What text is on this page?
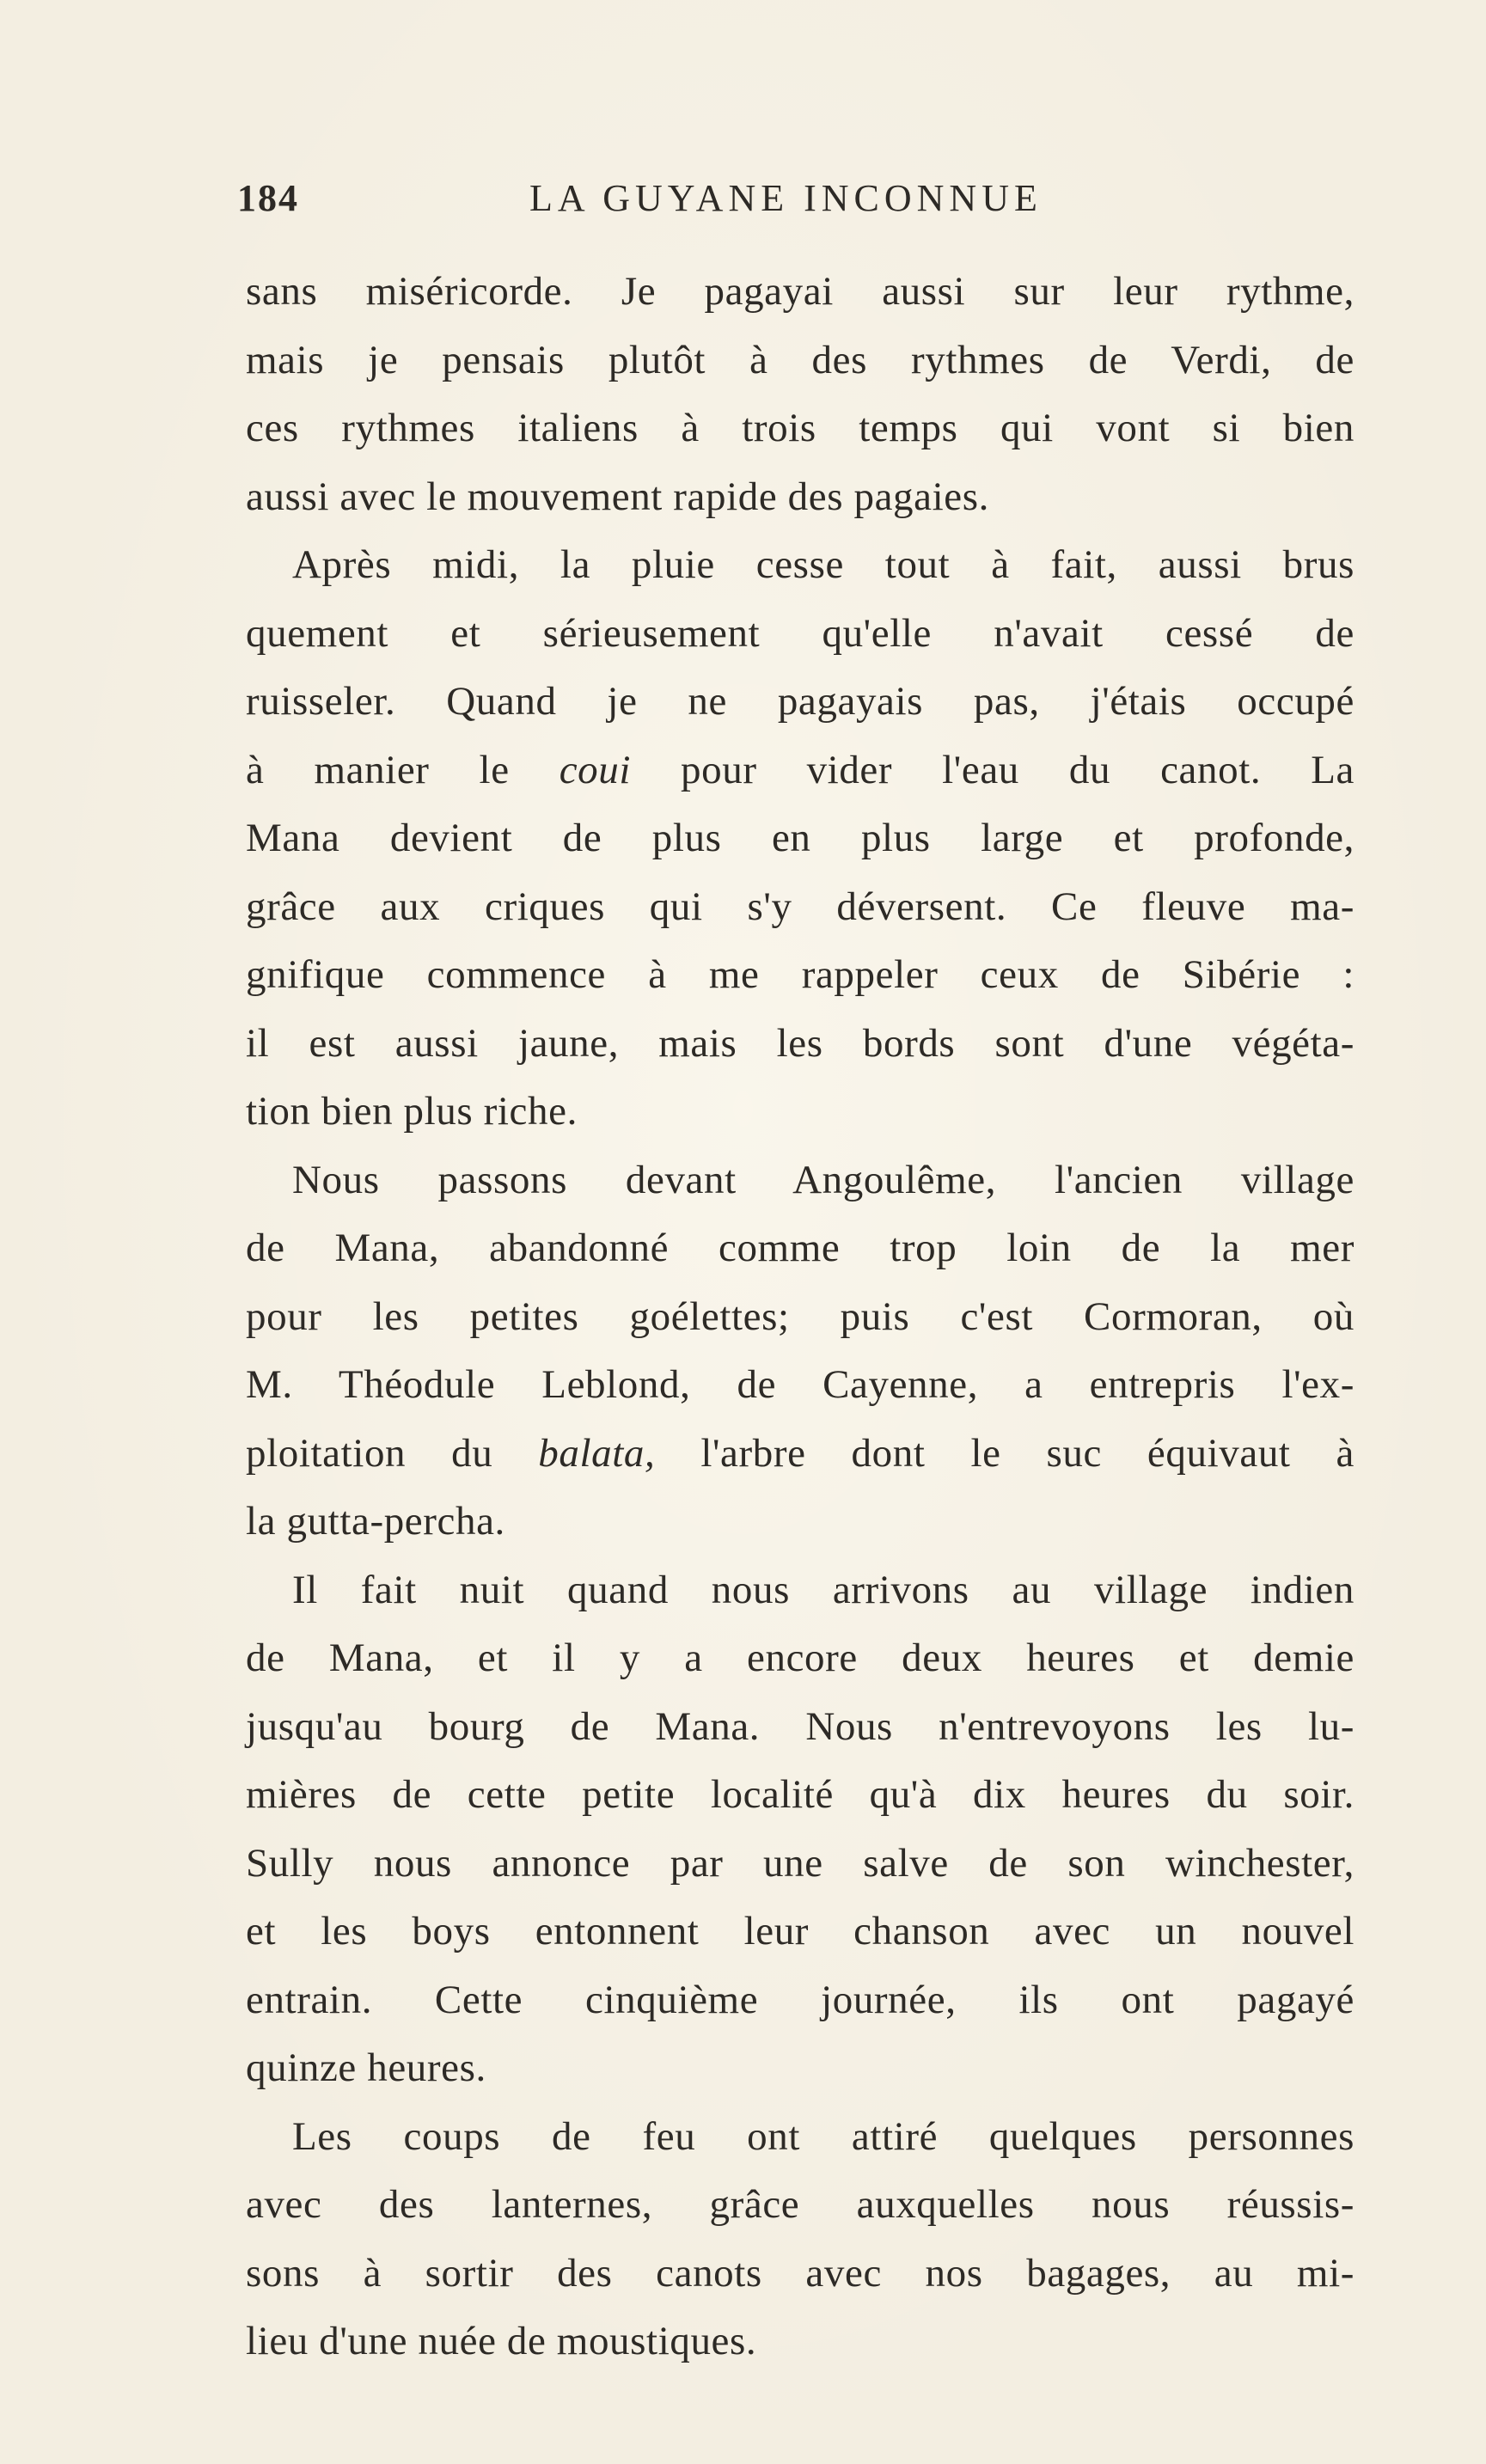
184	LA GUYANE INCONNUE
sans miséricorde. Je pagayai aussi sur leur rythme,
mais je pensais plutôt à des rythmes de Verdi, de
ces rythmes italiens à trois temps qui vont si bien
aussi avec le mouvement rapide des pagaies.
Après midi, la pluie cesse tout à fait, aussi brus
quement et sérieusement qu'elle n'avait cessé de
ruisseler. Quand je ne pagayais pas, j'étais occupé
à manier le coui pour vider l'eau du canot. La
Mana devient de plus en plus large et profonde,
grâce aux criques qui s'y déversent. Ce fleuve ma-
gnifique commence à me rappeler ceux de Sibérie :
il est aussi jaune, mais les bords sont d'une végéta-
tion bien plus riche.
Nous passons devant Angoulême, l'ancien village
de Mana, abandonné comme trop loin de la mer
pour les petites goélettes; puis c'est Cormoran, où
M. Théodule Leblond, de Cayenne, a entrepris l'ex-
ploitation du balata, l'arbre dont le suc équivaut à
la gutta-percha.
Il fait nuit quand nous arrivons au village indien
de Mana, et il y a encore deux heures et demie
jusqu'au bourg de Mana. Nous n'entrevoyons les lu-
mières de cette petite localité qu'à dix heures du soir.
Sully nous annonce par une salve de son winchester,
et les boys entonnent leur chanson avec un nouvel
entrain. Cette cinquième journée, ils ont pagayé
quinze heures.
Les coups de feu ont attiré quelques personnes
avec des lanternes, grâce auxquelles nous réussis-
sons à sortir des canots avec nos bagages, au mi-
lieu d'une nuée de moustiques.
